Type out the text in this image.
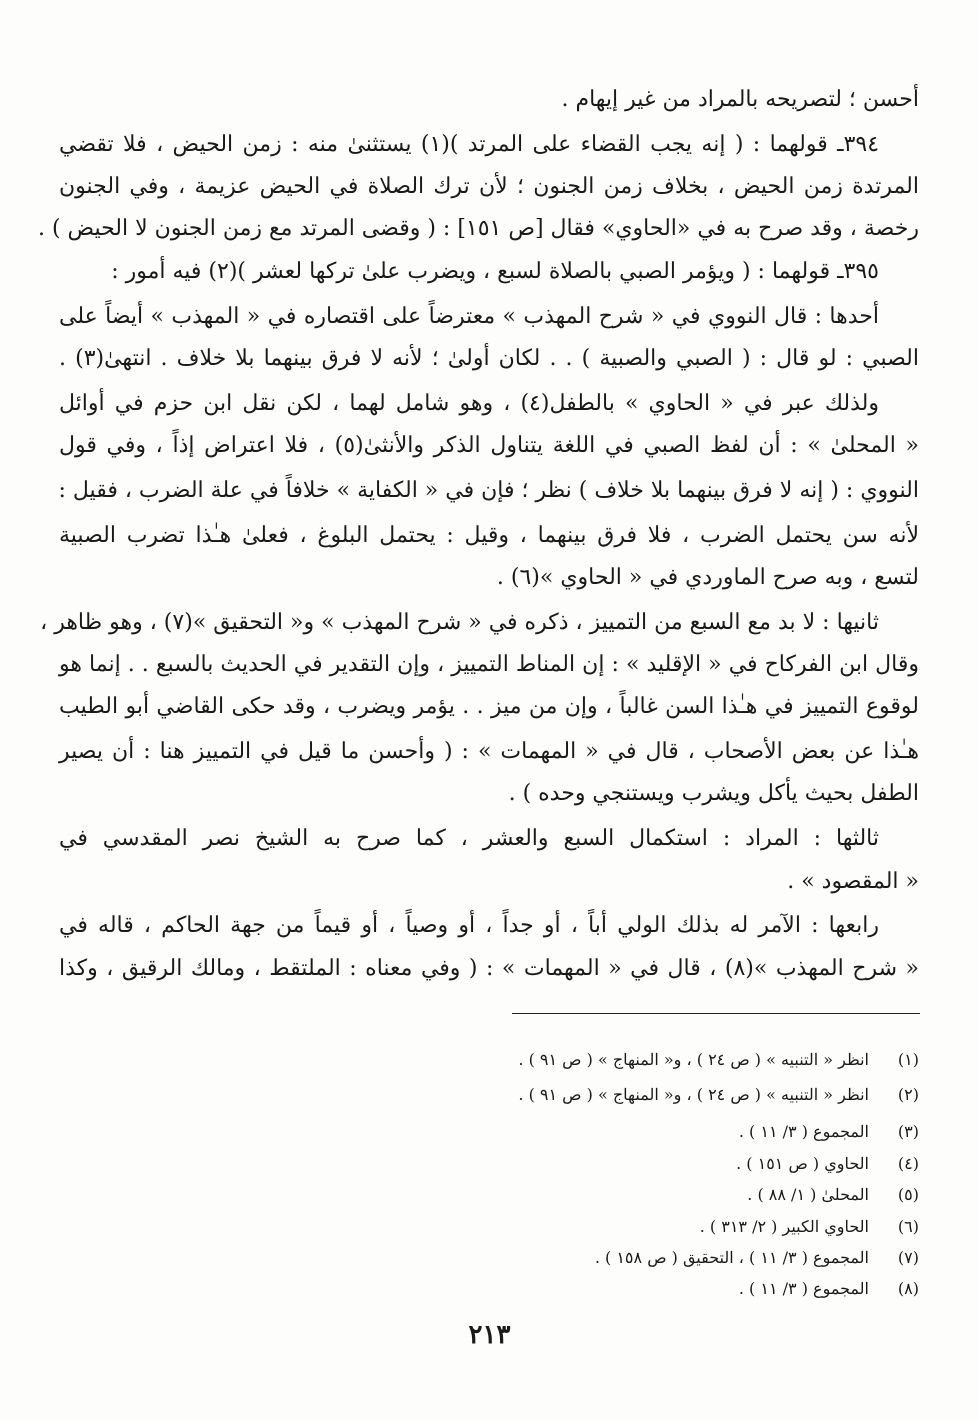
أحسن ؛ لتصريحه بالمراد من غير إيهام .
٣٩٤ـ قولهما : ( إنه يجب القضاء على المرتد )(١) يستثنىٰ منه : زمن الحيض ، فلا تقضي
المرتدة زمن الحيض ، بخلاف زمن الجنون ؛ لأن ترك الصلاة في الحيض عزيمة ، وفي الجنون
رخصة ، وقد صرح به في «الحاوي» فقال [ص ١٥١] : ( وقضى المرتد مع زمن الجنون لا الحيض ) .
٣٩٥ـ قولهما : ( ويؤمر الصبي بالصلاة لسبع ، ويضرب علىٰ تركها لعشر )(٢) فيه أمور :
أحدها : قال النووي في « شرح المهذب » معترضاً على اقتصاره في « المهذب » أيضاً على
الصبي : لو قال : ( الصبي والصبية ) . . لكان أولىٰ ؛ لأنه لا فرق بينهما بلا خلاف . انتهىٰ(٣) .
ولذلك عبر في « الحاوي » بالطفل(٤) ، وهو شامل لهما ، لكن نقل ابن حزم في أوائل
« المحلىٰ » : أن لفظ الصبي في اللغة يتناول الذكر والأنثىٰ(٥) ، فلا اعتراض إذاً ، وفي قول
النووي : ( إنه لا فرق بينهما بلا خلاف ) نظر ؛ فإن في « الكفاية » خلافاً في علة الضرب ، فقيل :
لأنه سن يحتمل الضرب ، فلا فرق بينهما ، وقيل : يحتمل البلوغ ، فعلىٰ هـٰذا تضرب الصبية
لتسع ، وبه صرح الماوردي في « الحاوي »(٦) .
ثانيها : لا بد مع السبع من التمييز ، ذكره في « شرح المهذب » و« التحقيق »(٧) ، وهو ظاهر ،
وقال ابن الفركاح في « الإقليد » : إن المناط التمييز ، وإن التقدير في الحديث بالسبع . . إنما هو
لوقوع التمييز في هـٰذا السن غالباً ، وإن من ميز . . يؤمر ويضرب ، وقد حكى القاضي أبو الطيب
هـٰذا عن بعض الأصحاب ، قال في « المهمات » : ( وأحسن ما قيل في التمييز هنا : أن يصير
الطفل بحيث يأكل ويشرب ويستنجي وحده ) .
ثالثها : المراد : استكمال السبع والعشر ، كما صرح به الشيخ نصر المقدسي في
« المقصود » .
رابعها : الآمر له بذلك الولي أباً ، أو جداً ، أو وصياً ، أو قيماً من جهة الحاكم ، قاله في
« شرح المهذب »(٨) ، قال في « المهمات » : ( وفي معناه : الملتقط ، ومالك الرقيق ، وكذا
(١)انظر « التنبيه » ( ص ٢٤ ) ، و« المنهاج » ( ص ٩١ ) .
(٢)انظر « التنبيه » ( ص ٢٤ ) ، و« المنهاج » ( ص ٩١ ) .
(٣)المجموع ( ٣/ ١١ ) .
(٤)الحاوي ( ص ١٥١ ) .
(٥)المحلىٰ ( ١/ ٨٨ ) .
(٦)الحاوي الكبير ( ٢/ ٣١٣ ) .
(٧)المجموع ( ٣/ ١١ ) ، التحقيق ( ص ١٥٨ ) .
(٨)المجموع ( ٣/ ١١ ) .
٢١٣
